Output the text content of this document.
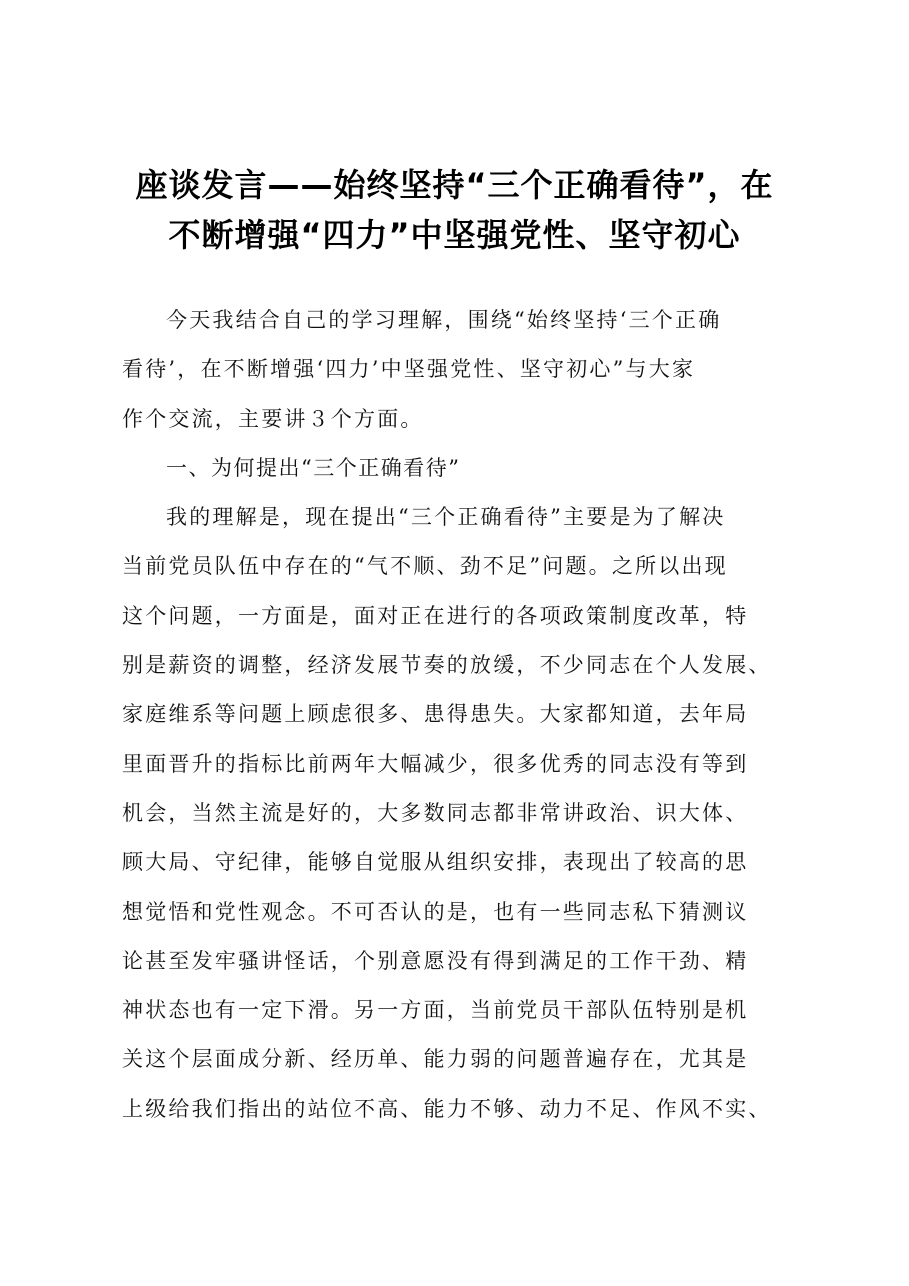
座谈发言——始终坚持“三个正确看待”，在
不断增强“四力”中坚强党性、坚守初心
今天我结合自己的学习理解，围绕“始终坚持‘三个正确
看待’，在不断增强‘四力’中坚强党性、坚守初心”与大家
作个交流，主要讲３个方面。
一、为何提出“三个正确看待”
我的理解是，现在提出“三个正确看待”主要是为了解决
当前党员队伍中存在的“气不顺、劲不足”问题。之所以出现
这个问题，一方面是，面对正在进行的各项政策制度改革，特
别是薪资的调整，经济发展节奏的放缓，不少同志在个人发展、
家庭维系等问题上顾虑很多、患得患失。大家都知道，去年局
里面晋升的指标比前两年大幅减少，很多优秀的同志没有等到
机会，当然主流是好的，大多数同志都非常讲政治、识大体、
顾大局、守纪律，能够自觉服从组织安排，表现出了较高的思
想觉悟和党性观念。不可否认的是，也有一些同志私下猜测议
论甚至发牢骚讲怪话，个别意愿没有得到满足的工作干劲、精
神状态也有一定下滑。另一方面，当前党员干部队伍特别是机
关这个层面成分新、经历单、能力弱的问题普遍存在，尤其是
上级给我们指出的站位不高、能力不够、动力不足、作风不实、
